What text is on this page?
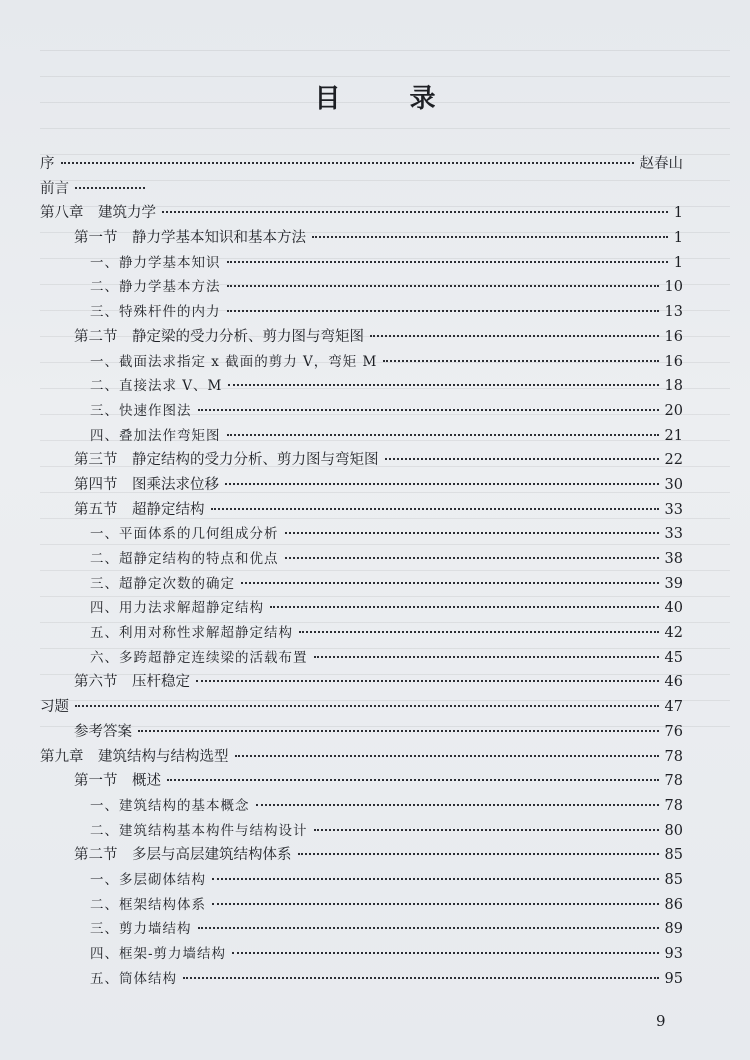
目 录
序	赵春山
前言
第八章　建筑力学	1
第一节　静力学基本知识和基本方法	1
一、静力学基本知识	1
二、静力学基本方法	10
三、特殊杆件的内力	13
第二节　静定梁的受力分析、剪力图与弯矩图	16
一、截面法求指定 x 截面的剪力 V，弯矩 M	16
二、直接法求 V、M	18
三、快速作图法	20
四、叠加法作弯矩图	21
第三节　静定结构的受力分析、剪力图与弯矩图	22
第四节　图乘法求位移	30
第五节　超静定结构	33
一、平面体系的几何组成分析	33
二、超静定结构的特点和优点	38
三、超静定次数的确定	39
四、用力法求解超静定结构	40
五、利用对称性求解超静定结构	42
六、多跨超静定连续梁的活载布置	45
第六节　压杆稳定	46
习题	47
参考答案	76
第九章　建筑结构与结构选型	78
第一节　概述	78
一、建筑结构的基本概念	78
二、建筑结构基本构件与结构设计	80
第二节　多层与高层建筑结构体系	85
一、多层砌体结构	85
二、框架结构体系	86
三、剪力墙结构	89
四、框架-剪力墙结构	93
五、筒体结构	95
9
